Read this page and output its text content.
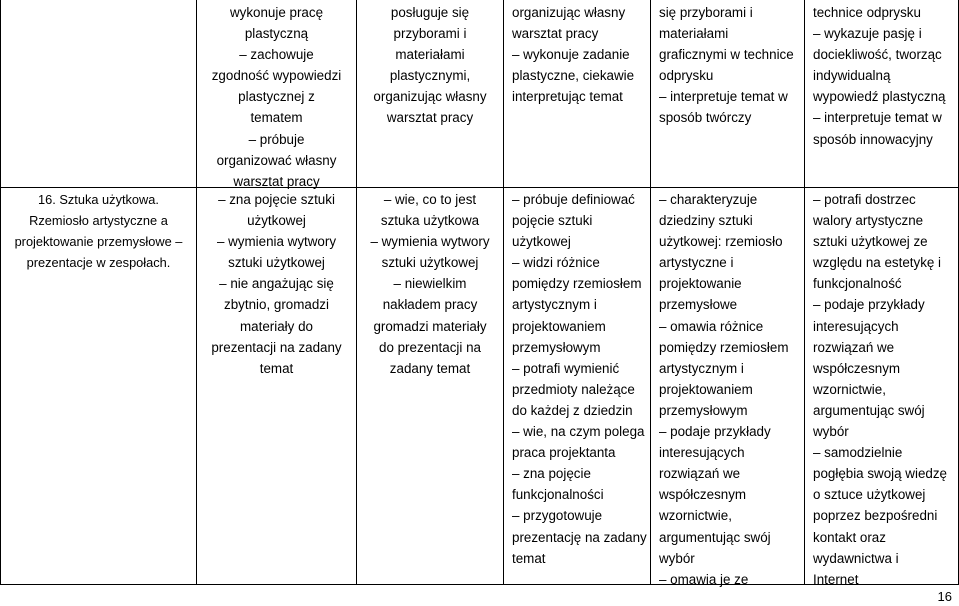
wykonuje pracę
plastyczną
– zachowuje
zgodność wypowiedzi
plastycznej z
tematem
– próbuje
organizować własny
warsztat pracy
posługuje się
przyborami i
materiałami
plastycznymi,
organizując własny
warsztat pracy
organizując własny
warsztat pracy
– wykonuje zadanie
plastyczne, ciekawie
interpretując temat
się przyborami i
materiałami
graficznymi w technice
odprysku
– interpretuje temat w
sposób twórczy
technice odprysku
– wykazuje pasję i
dociekliwość, tworząc
indywidualną
wypowiedź plastyczną
– interpretuje temat w
sposób innowacyjny
16. Sztuka użytkowa.
Rzemiosło artystyczne a
projektowanie przemysłowe –
prezentacje w zespołach.
– zna pojęcie sztuki
użytkowej
– wymienia wytwory
sztuki użytkowej
– nie angażując się
zbytnio, gromadzi
materiały do
prezentacji na zadany
temat
– wie, co to jest
sztuka użytkowa
– wymienia wytwory
sztuki użytkowej
– niewielkim
nakładem pracy
gromadzi materiały
do prezentacji na
zadany temat
– próbuje definiować
pojęcie sztuki
użytkowej
– widzi różnice
pomiędzy rzemiosłem
artystycznym i
projektowaniem
przemysłowym
– potrafi wymienić
przedmioty należące
do każdej z dziedzin
– wie, na czym polega
praca projektanta
– zna pojęcie
funkcjonalności
– przygotowuje
prezentację na zadany
temat
– charakteryzuje
dziedziny sztuki
użytkowej: rzemiosło
artystyczne i
projektowanie
przemysłowe
– omawia różnice
pomiędzy rzemiosłem
artystycznym i
projektowaniem
przemysłowym
– podaje przykłady
interesujących
rozwiązań we
współczesnym
wzornictwie,
argumentując swój
wybór
– omawia je ze
– potrafi dostrzec
walory artystyczne
sztuki użytkowej ze
względu na estetykę i
funkcjonalność
– podaje przykłady
interesujących
rozwiązań we
współczesnym
wzornictwie,
argumentując swój
wybór
– samodzielnie
pogłębia swoją wiedzę
o sztuce użytkowej
poprzez bezpośredni
kontakt oraz
wydawnictwa i
Internet
16
